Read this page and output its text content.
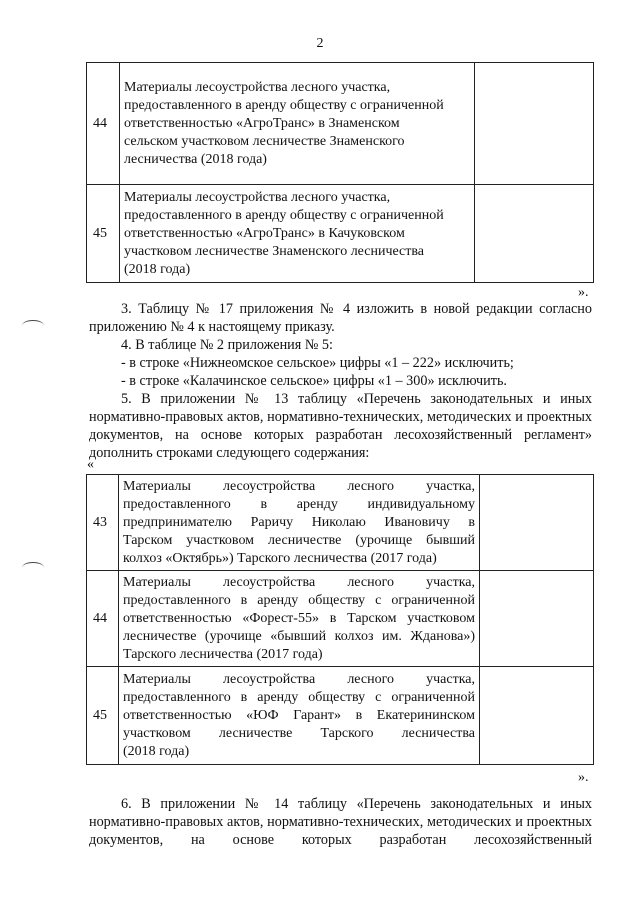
2
44	Материалы лесоустройства лесного участка,
предоставленного в аренду обществу с ограниченной
ответственностью «АгроТранс» в Знаменском
сельском участковом лесничестве Знаменского
лесничества (2018 года)	

45	Материалы лесоустройства лесного участка,
предоставленного в аренду обществу с ограниченной
ответственностью «АгроТранс» в Качуковском
участковом лесничестве Знаменского лесничества
(2018 года)	

».
3. Таблицу № 17 приложения № 4 изложить в новой редакции согласно приложению № 4 к настоящему приказу.
4. В таблице № 2 приложения № 5:
- в строке «Нижнеомское сельское» цифры «1 – 222» исключить;
- в строке «Калачинское сельское» цифры «1 – 300» исключить.
5. В приложении № 13 таблицу «Перечень законодательных и иных нормативно-правовых актов, нормативно-технических, методических и проектных документов, на основе которых разработан лесохозяйственный регламент» дополнить строками следующего содержания:
«
43	Материалы лесоустройства лесного участка,
предоставленного в аренду индивидуальному
предпринимателю Раричу Николаю Ивановичу в
Тарском участковом лесничестве (урочище бывший
колхоз «Октябрь») Тарского лесничества (2017 года)	

44	Материалы лесоустройства лесного участка,
предоставленного в аренду обществу с ограниченной
ответственностью «Форест-55» в Тарском участковом
лесничестве (урочище «бывший колхоз им. Жданова»)
Тарского лесничества (2017 года)	

45	Материалы лесоустройства лесного участка,
предоставленного в аренду обществу с ограниченной
ответственностью «ЮФ Гарант» в Екатерининском
участковом лесничестве Тарского лесничества
(2018 года)	

».
6. В приложении № 14 таблицу «Перечень законодательных и иных нормативно-правовых актов, нормативно-технических, методических и проектных документов, на основе которых разработан лесохозяйственный
